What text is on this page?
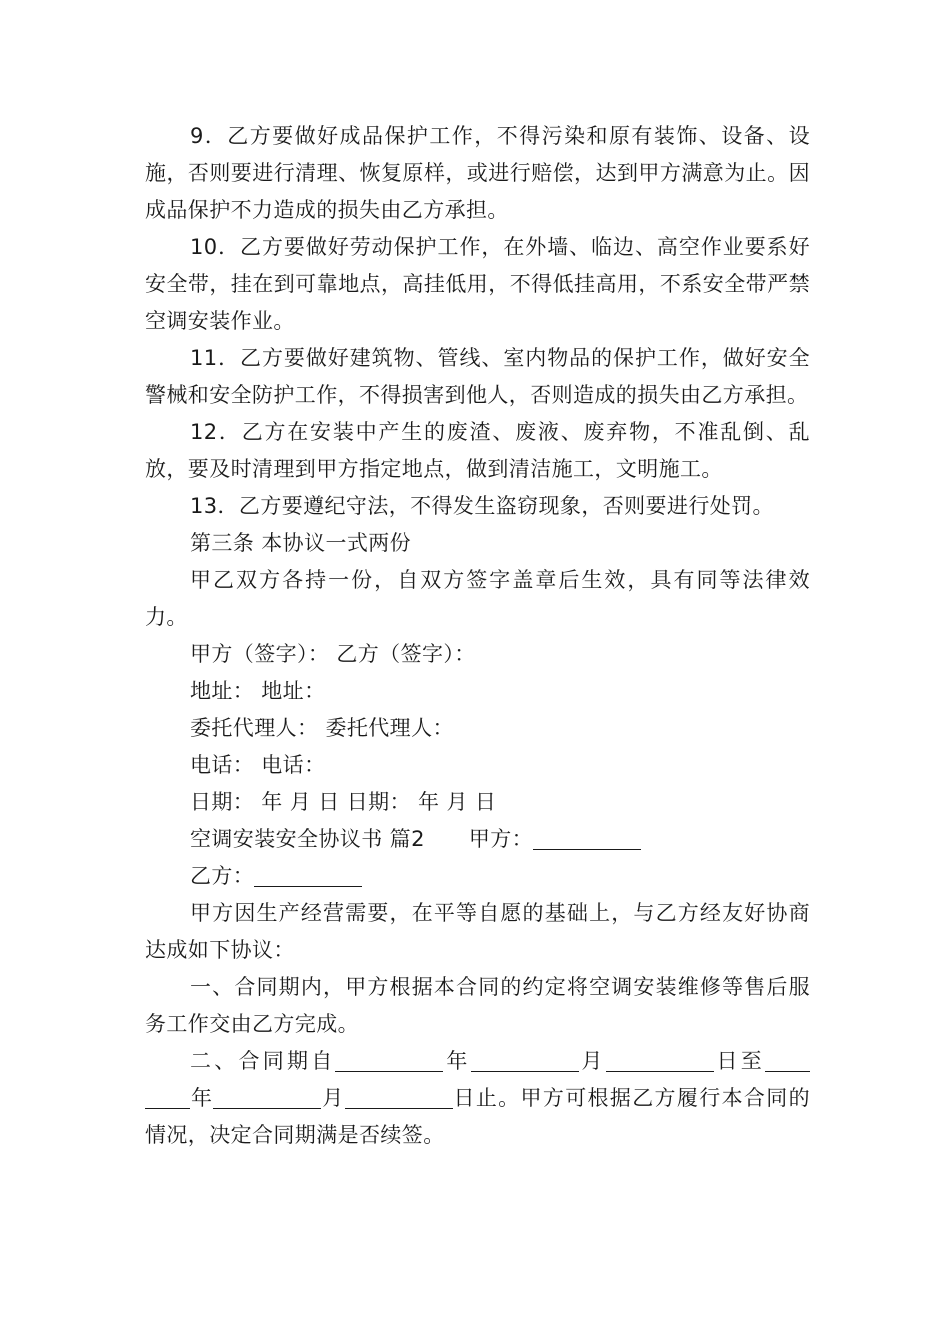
9．乙方要做好成品保护工作，不得污染和原有装饰、设备、设施，否则要进行清理、恢复原样，或进行赔偿，达到甲方满意为止。因成品保护不力造成的损失由乙方承担。

10．乙方要做好劳动保护工作，在外墙、临边、高空作业要系好安全带，挂在到可靠地点，高挂低用，不得低挂高用，不系安全带严禁空调安装作业。

11．乙方要做好建筑物、管线、室内物品的保护工作，做好安全警械和安全防护工作，不得损害到他人，否则造成的损失由乙方承担。

12．乙方在安装中产生的废渣、废液、废弃物，不准乱倒、乱放，要及时清理到甲方指定地点，做到清洁施工，文明施工。

13．乙方要遵纪守法，不得发生盗窃现象，否则要进行处罚。

第三条 本协议一式两份

甲乙双方各持一份，自双方签字盖章后生效，具有同等法律效力。

甲方（签字）： 乙方（签字）：

地址： 地址：

委托代理人： 委托代理人：

电话： 电话：

日期： 年 月 日 日期： 年 月 日

空调安装安全协议书 篇2 甲方：

乙方：

甲方因生产经营需要，在平等自愿的基础上，与乙方经友好协商达成如下协议：

一、合同期内，甲方根据本合同的约定将空调安装维修等售后服务工作交由乙方完成。

二、合同期自	年	月	日至年	月	日止。甲方可根据乙方履行本合同的情况，决定合同期满是否续签。
